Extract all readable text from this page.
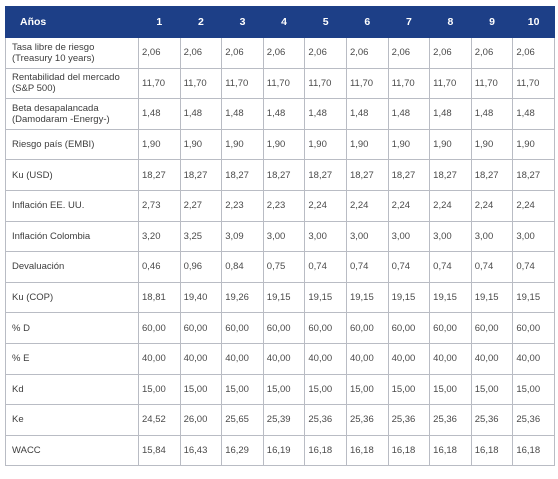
Años	1	2	3	4	5	6	7	8	9	10
Tasa libre de riesgo
(Treasury 10 years)	2,06	2,06	2,06	2,06	2,06	2,06	2,06	2,06	2,06	2,06
Rentabilidad del mercado
(S&P 500)	11,70	11,70	11,70	11,70	11,70	11,70	11,70	11,70	11,70	11,70
Beta desapalancada
(Damodaram -Energy-)	1,48	1,48	1,48	1,48	1,48	1,48	1,48	1,48	1,48	1,48
Riesgo país (EMBI)	1,90	1,90	1,90	1,90	1,90	1,90	1,90	1,90	1,90	1,90
Ku (USD)	18,27	18,27	18,27	18,27	18,27	18,27	18,27	18,27	18,27	18,27
Inflación EE. UU.	2,73	2,27	2,23	2,23	2,24	2,24	2,24	2,24	2,24	2,24
Inflación Colombia	3,20	3,25	3,09	3,00	3,00	3,00	3,00	3,00	3,00	3,00
Devaluación	0,46	0,96	0,84	0,75	0,74	0,74	0,74	0,74	0,74	0,74
Ku (COP)	18,81	19,40	19,26	19,15	19,15	19,15	19,15	19,15	19,15	19,15
% D	60,00	60,00	60,00	60,00	60,00	60,00	60,00	60,00	60,00	60,00
% E	40,00	40,00	40,00	40,00	40,00	40,00	40,00	40,00	40,00	40,00
Kd	15,00	15,00	15,00	15,00	15,00	15,00	15,00	15,00	15,00	15,00
Ke	24,52	26,00	25,65	25,39	25,36	25,36	25,36	25,36	25,36	25,36
WACC	15,84	16,43	16,29	16,19	16,18	16,18	16,18	16,18	16,18	16,18
